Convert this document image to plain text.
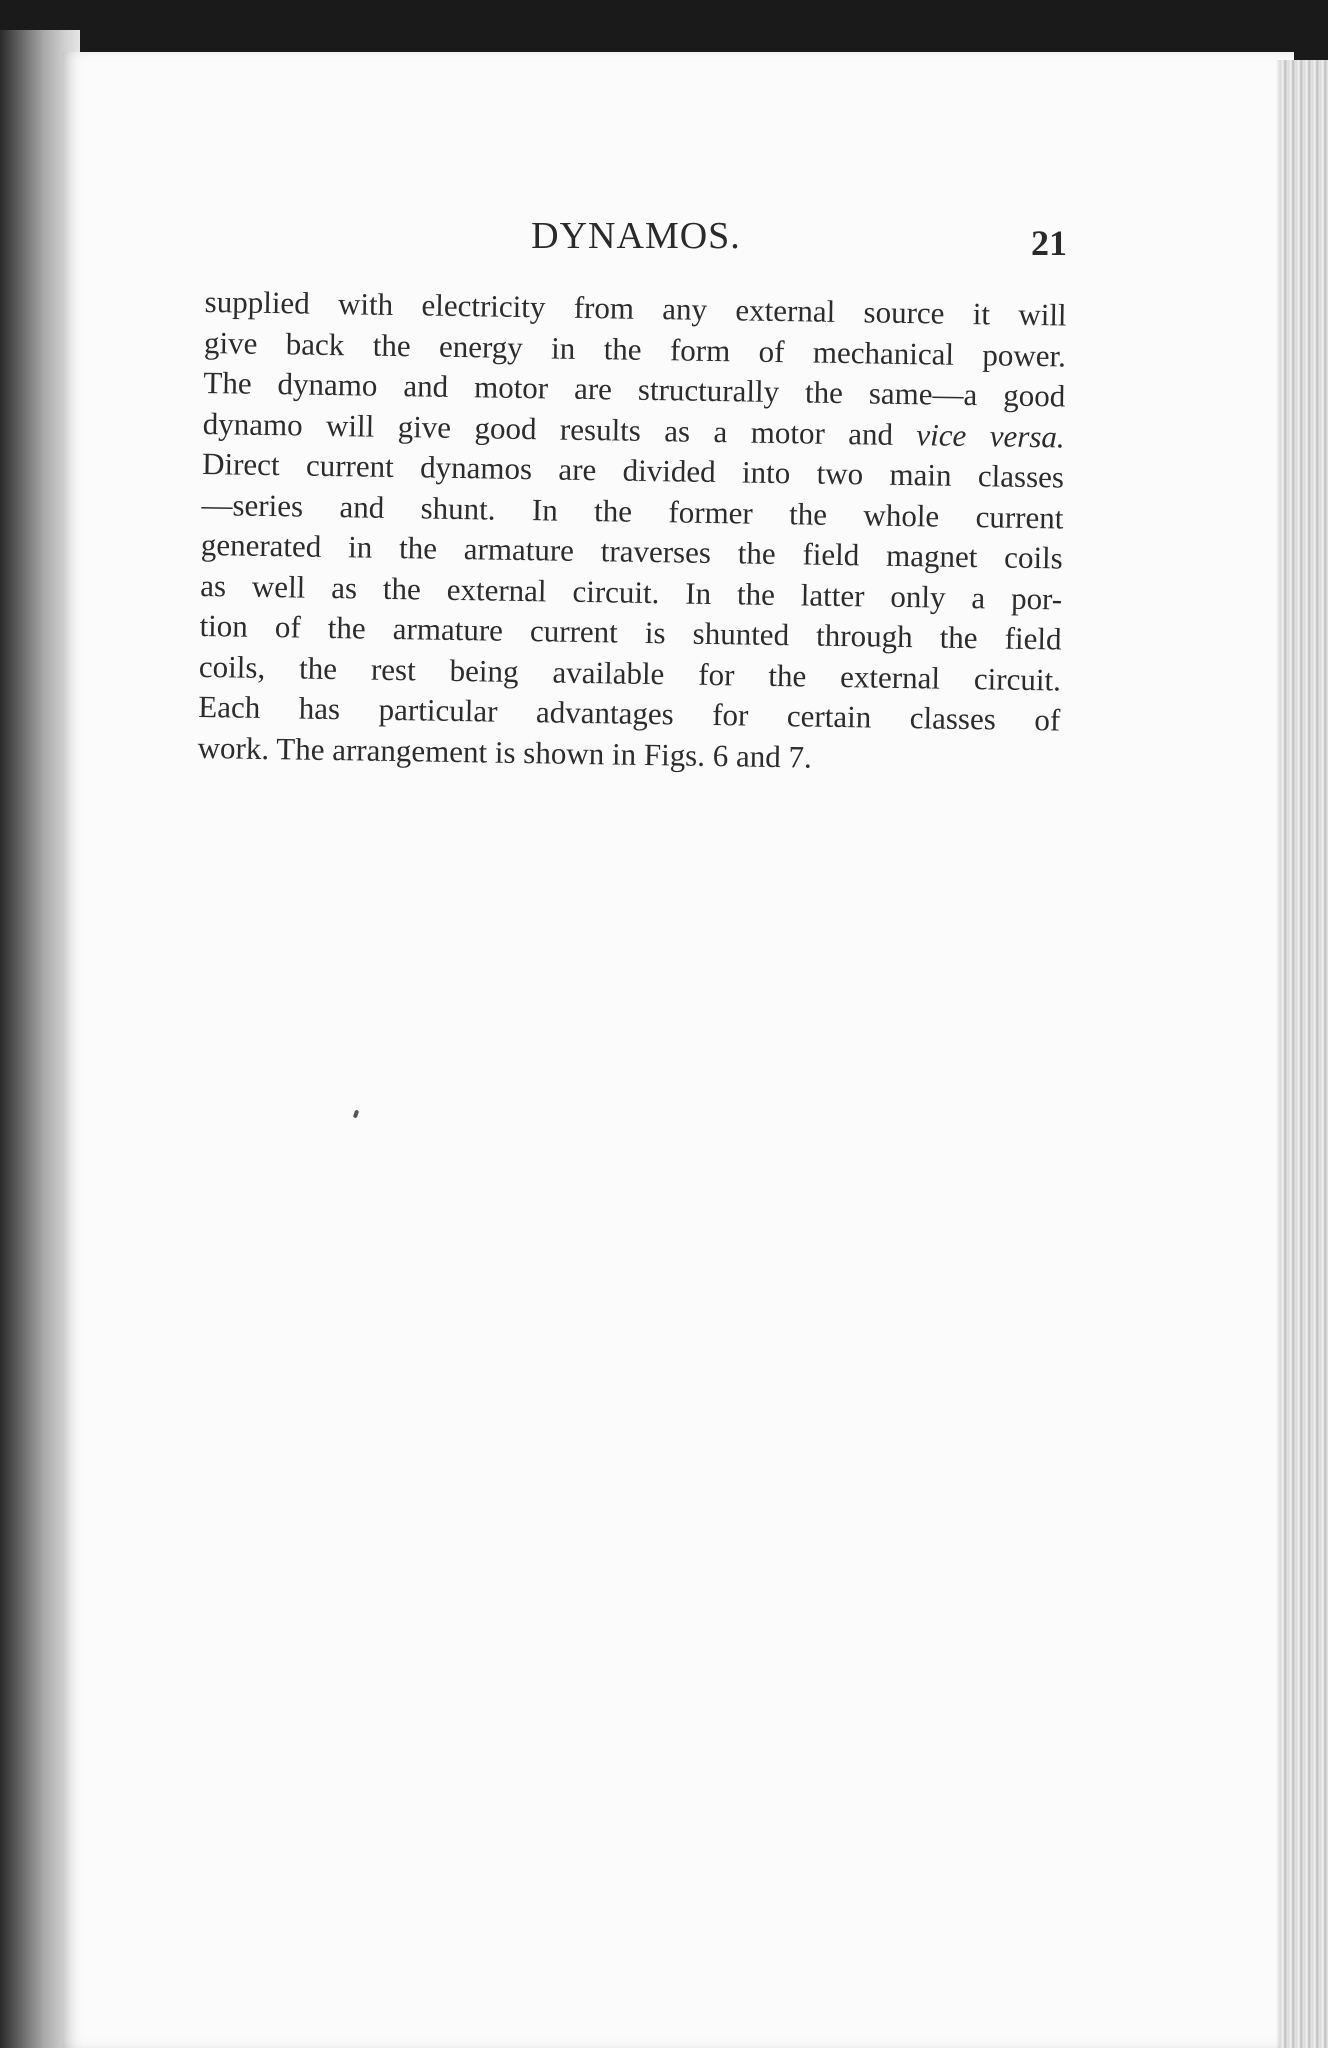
DYNAMOS.	21
supplied with electricity from any external source it will
give back the energy in the form of mechanical power.
The dynamo and motor are structurally the same—a good
dynamo will give good results as a motor and vice versa.
Direct current dynamos are divided into two main classes
—series and shunt. In the former the whole current
generated in the armature traverses the field magnet coils
as well as the external circuit. In the latter only a por-
tion of the armature current is shunted through the field
coils, the rest being available for the external circuit.
Each has particular advantages for certain classes of
work. The arrangement is shown in Figs. 6 and 7.
